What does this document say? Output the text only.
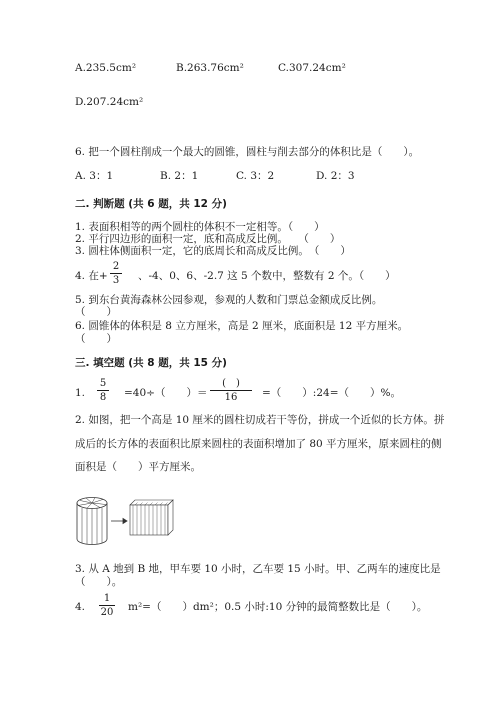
A.235.5cm²	B.263.76cm²	C.307.24cm²
D.207.24cm²
6. 把一个圆柱削成一个最大的圆锥，圆柱与削去部分的体积比是（　　）。
A. 3：1	B. 2：1	C. 3：2	D. 2：3
二. 判断题 (共 6 题，共 12 分)
1. 表面积相等的两个圆柱的体积不一定相等。（　　）
2. 平行四边形的面积一定，底和高成反比例。　　（　　）
3. 圆柱体侧面积一定，它的底周长和高成反比例。　（　　）
4. 在+
2
3 、-4、0、6、-2.7 这 5 个数中，整数有 2 个。（　　）
5. 到东台黄海森林公园参观，参观的人数和门票总金额成反比例。
（　　）
6. 圆锥体的体积是 8 立方厘米，高是 2 厘米，底面积是 12 平方厘米。
（　　）
三. 填空题 (共 8 题，共 15 分)
1.
5
8 =40÷（　　）＝
(　)
16	=（　　）:24=（　　）%。
2. 如图，把一个高是 10 厘米的圆柱切成若干等份，拼成一个近似的长方体。拼
成后的长方体的表面积比原来圆柱的表面积增加了 80 平方厘米，原来圆柱的侧
面积是（　　）平方厘米。
3. 从 A 地到 B 地，甲车要 10 小时，乙车要 15 小时。甲、乙两车的速度比是
（　　）。
4.
1
20 m²=（　　）dm²；0.5 小时:10 分钟的最简整数比是（　　）。
